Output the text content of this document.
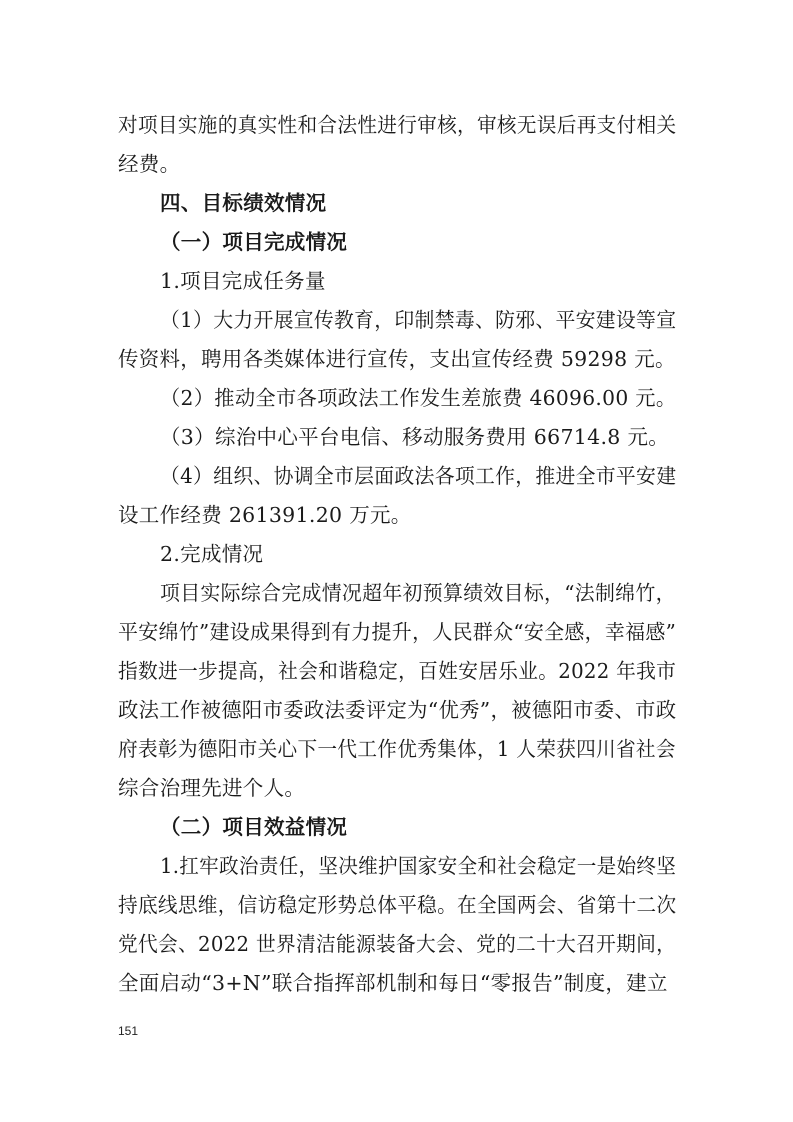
对项目实施的真实性和合法性进行审核，审核无误后再支付相关
经费。
四、目标绩效情况
（一）项目完成情况
1.项目完成任务量
（1）大力开展宣传教育，印制禁毒、防邪、平安建设等宣
传资料，聘用各类媒体进行宣传，支出宣传经费 59298 元。
（2）推动全市各项政法工作发生差旅费 46096.00 元。
（3）综治中心平台电信、移动服务费用 66714.8 元。
（4）组织、协调全市层面政法各项工作，推进全市平安建
设工作经费 261391.20 万元。
2.完成情况
项目实际综合完成情况超年初预算绩效目标，“法制绵竹，
平安绵竹”建设成果得到有力提升，人民群众“安全感，幸福感”
指数进一步提高，社会和谐稳定，百姓安居乐业。2022 年我市
政法工作被德阳市委政法委评定为“优秀”，被德阳市委、市政
府表彰为德阳市关心下一代工作优秀集体，1 人荣获四川省社会
综合治理先进个人。
（二）项目效益情况
1.扛牢政治责任，坚决维护国家安全和社会稳定一是始终坚
持底线思维，信访稳定形势总体平稳。在全国两会、省第十二次
党代会、2022 世界清洁能源装备大会、党的二十大召开期间，
全面启动“3+N”联合指挥部机制和每日“零报告”制度，建立
151
